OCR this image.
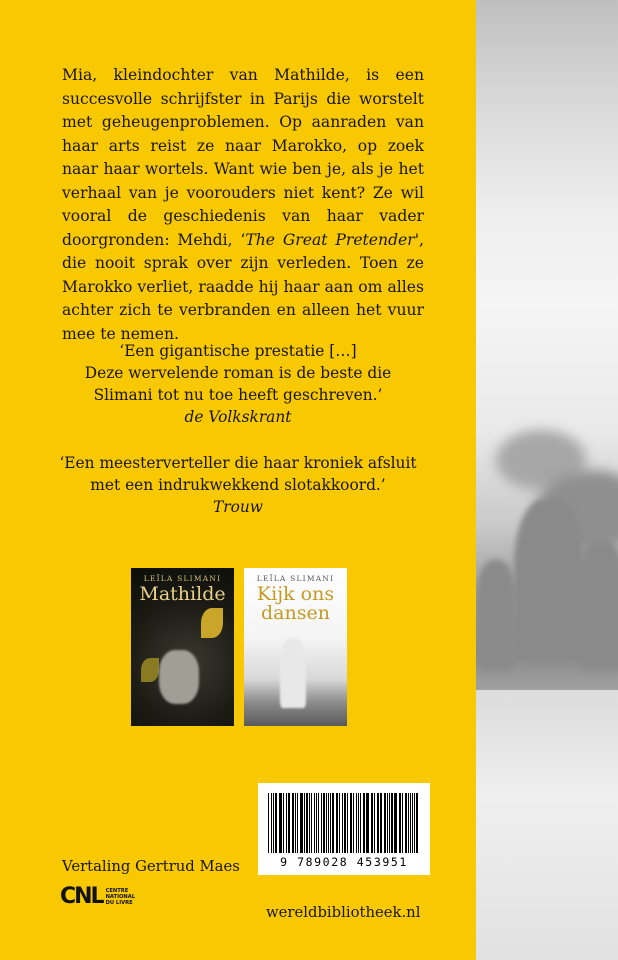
Mia, kleindochter van Mathilde, is een succesvolle schrijfster in Parijs die worstelt met geheugenproblemen. Op aanraden van haar arts reist ze naar Marokko, op zoek naar haar wortels. Want wie ben je, als je het verhaal van je voorouders niet kent? Ze wil vooral de geschiedenis van haar vader doorgronden: Mehdi, ‘The Great Pretender', die nooit sprak over zijn verleden. Toen ze Marokko verliet, raadde hij haar aan om alles achter zich te verbranden en alleen het vuur mee te nemen.
‘Een gigantische prestatie […]
Deze wervelende roman is de beste die
Slimani tot nu toe heeft geschreven.’
de Volkskrant
‘Een meesterverteller die haar kroniek afsluit
met een indrukwekkend slotakkoord.’
Trouw
LEÏLA SLIMANI
Mathilde
LEÏLA SLIMANI
Kijk ons
dansen
9 789028 453951
Vertaling Gertrud Maes
CNL CENTRE
NATIONAL
DU LIVRE
wereldbibliotheek.nl
